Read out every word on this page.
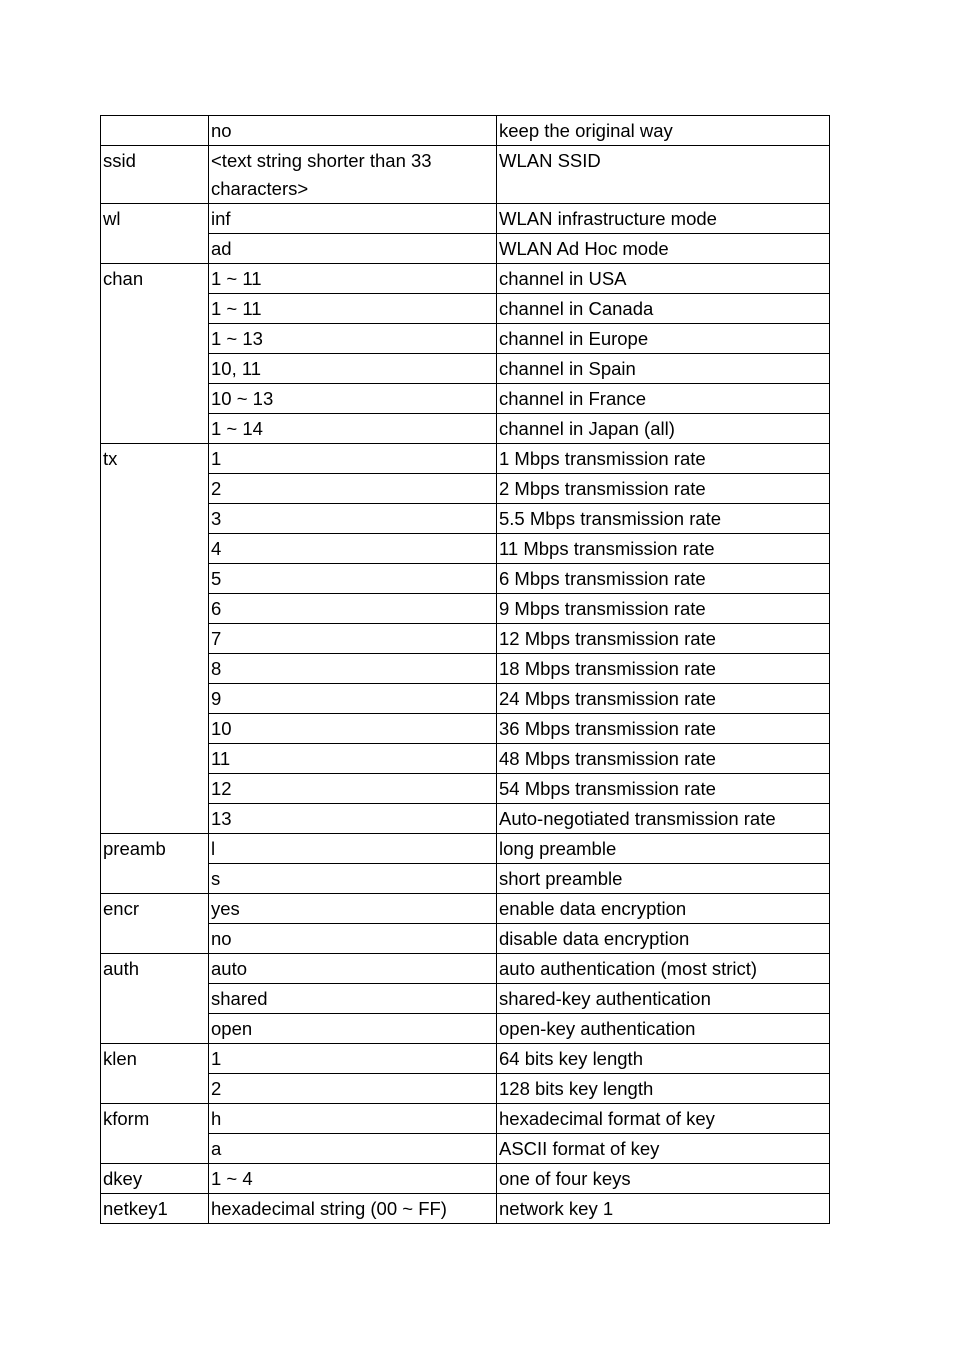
	no	keep the original way
ssid	<text string shorter than 33 characters>	WLAN SSID
wl	inf	WLAN infrastructure mode
	ad	WLAN Ad Hoc mode
chan	1 ~ 11	channel in USA
	1 ~ 11	channel in Canada
	1 ~ 13	channel in Europe
	10, 11	channel in Spain
	10 ~ 13	channel in France
	1 ~ 14	channel in Japan (all)
tx	1	1 Mbps transmission rate
	2	2 Mbps transmission rate
	3	5.5 Mbps transmission rate
	4	11 Mbps transmission rate
	5	6 Mbps transmission rate
	6	9 Mbps transmission rate
	7	12 Mbps transmission rate
	8	18 Mbps transmission rate
	9	24 Mbps transmission rate
	10	36 Mbps transmission rate
	11	48 Mbps transmission rate
	12	54 Mbps transmission rate
	13	Auto-negotiated transmission rate
preamb	l	long preamble
	s	short preamble
encr	yes	enable data encryption
	no	disable data encryption
auth	auto	auto authentication (most strict)
	shared	shared-key authentication
	open	open-key authentication
klen	1	64 bits key length
	2	128 bits key length
kform	h	hexadecimal format of key
	a	ASCII format of key
dkey	1 ~ 4	one of four keys
netkey1	hexadecimal string (00 ~ FF)	network key 1
